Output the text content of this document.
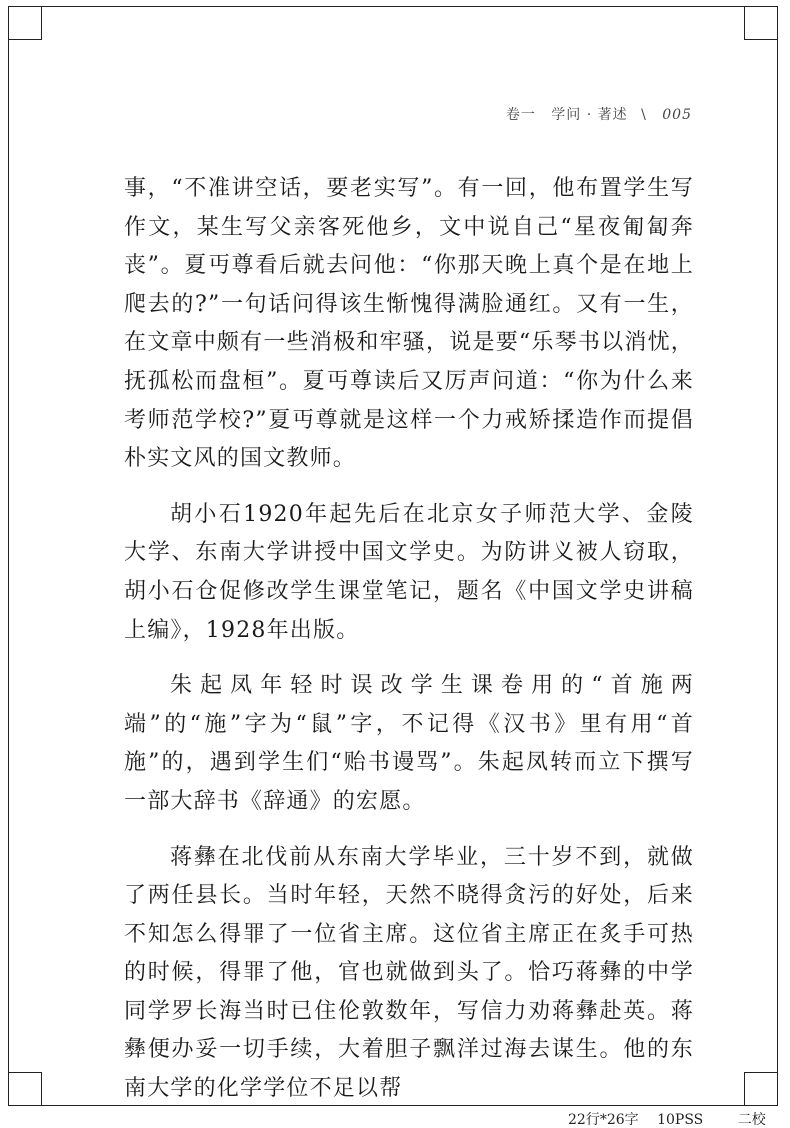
卷一 学问 · 著述 \ 005

事，“不准讲空话，要老实写”。有一回，他布置学生写作文，某生写父亲客死他乡，文中说自己“星夜匍匐奔丧”。夏丏尊看后就去问他：“你那天晚上真个是在地上爬去的?”一句话问得该生惭愧得满脸通红。又有一生，在文章中颇有一些消极和牢骚，说是要“乐琴书以消忧，抚孤松而盘桓”。夏丏尊读后又厉声问道：“你为什么来考师范学校?”夏丏尊就是这样一个力戒矫揉造作而提倡朴实文风的国文教师。

胡小石1920年起先后在北京女子师范大学、金陵大学、东南大学讲授中国文学史。为防讲义被人窃取，胡小石仓促修改学生课堂笔记，题名《中国文学史讲稿上编》，1928年出版。

朱起凤年轻时误改学生课卷用的“首施两端”的“施”字为“鼠”字，不记得《汉书》里有用“首施”的，遇到学生们“贻书谩骂”。朱起凤转而立下撰写一部大辞书《辞通》的宏愿。

蒋彝在北伐前从东南大学毕业，三十岁不到，就做了两任县长。当时年轻，天然不晓得贪污的好处，后来不知怎么得罪了一位省主席。这位省主席正在炙手可热的时候，得罪了他，官也就做到头了。恰巧蒋彝的中学同学罗长海当时已住伦敦数年，写信力劝蒋彝赴英。蒋彝便办妥一切手续，大着胆子飘洋过海去谋生。他的东南大学的化学学位不足以帮

22行*26字 10PSS 二校
